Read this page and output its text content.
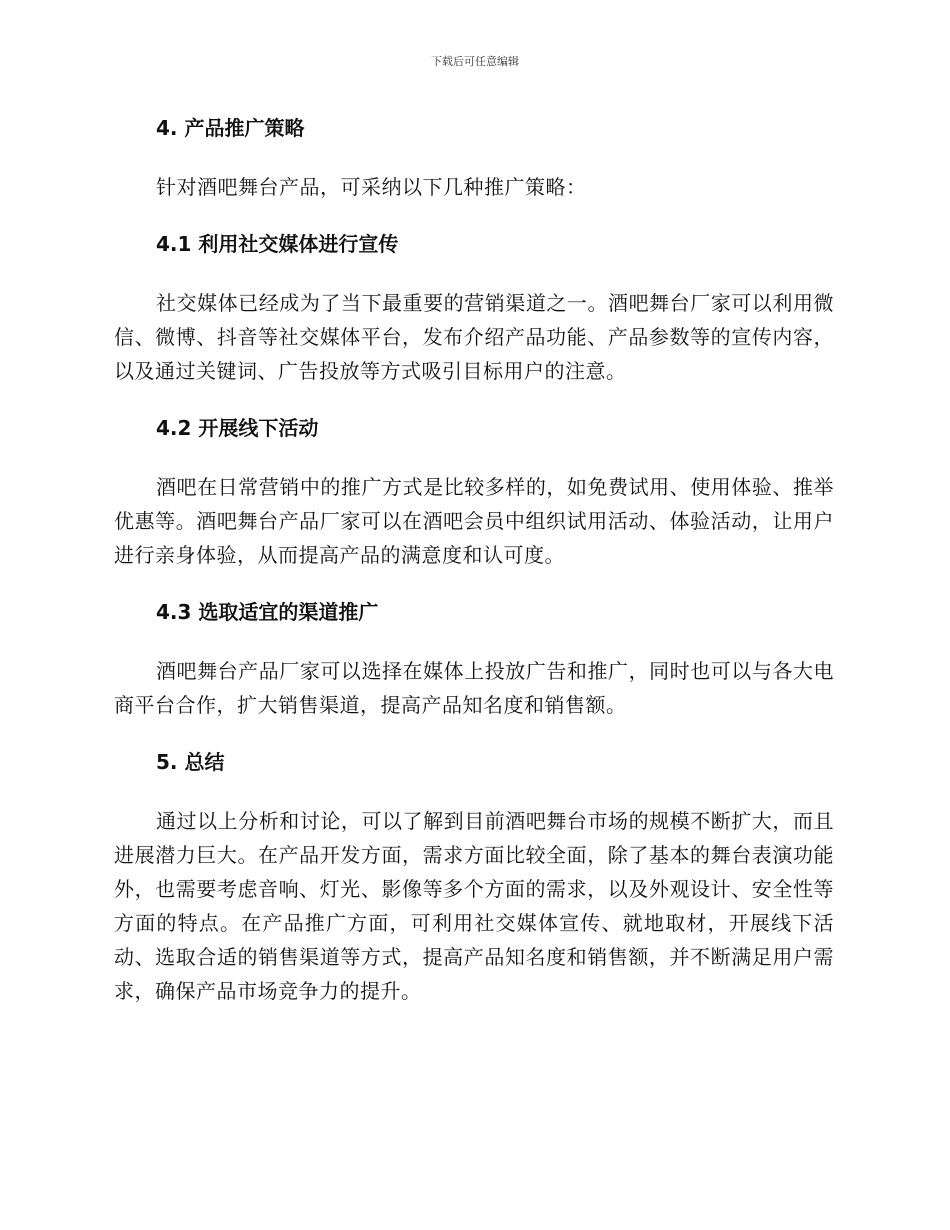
下载后可任意编辑
4. 产品推广策略

针对酒吧舞台产品，可采纳以下几种推广策略：

4.1 利用社交媒体进行宣传

社交媒体已经成为了当下最重要的营销渠道之一。酒吧舞台厂家可以利用微信、微博、抖音等社交媒体平台，发布介绍产品功能、产品参数等的宣传内容，以及通过关键词、广告投放等方式吸引目标用户的注意。

4.2 开展线下活动

酒吧在日常营销中的推广方式是比较多样的，如免费试用、使用体验、推举优惠等。酒吧舞台产品厂家可以在酒吧会员中组织试用活动、体验活动，让用户进行亲身体验，从而提高产品的满意度和认可度。

4.3 选取适宜的渠道推广

酒吧舞台产品厂家可以选择在媒体上投放广告和推广，同时也可以与各大电商平台合作，扩大销售渠道，提高产品知名度和销售额。

5. 总结

通过以上分析和讨论，可以了解到目前酒吧舞台市场的规模不断扩大，而且进展潜力巨大。在产品开发方面，需求方面比较全面，除了基本的舞台表演功能外，也需要考虑音响、灯光、影像等多个方面的需求，以及外观设计、安全性等方面的特点。在产品推广方面，可利用社交媒体宣传、就地取材，开展线下活动、选取合适的销售渠道等方式，提高产品知名度和销售额，并不断满足用户需求，确保产品市场竞争力的提升。
